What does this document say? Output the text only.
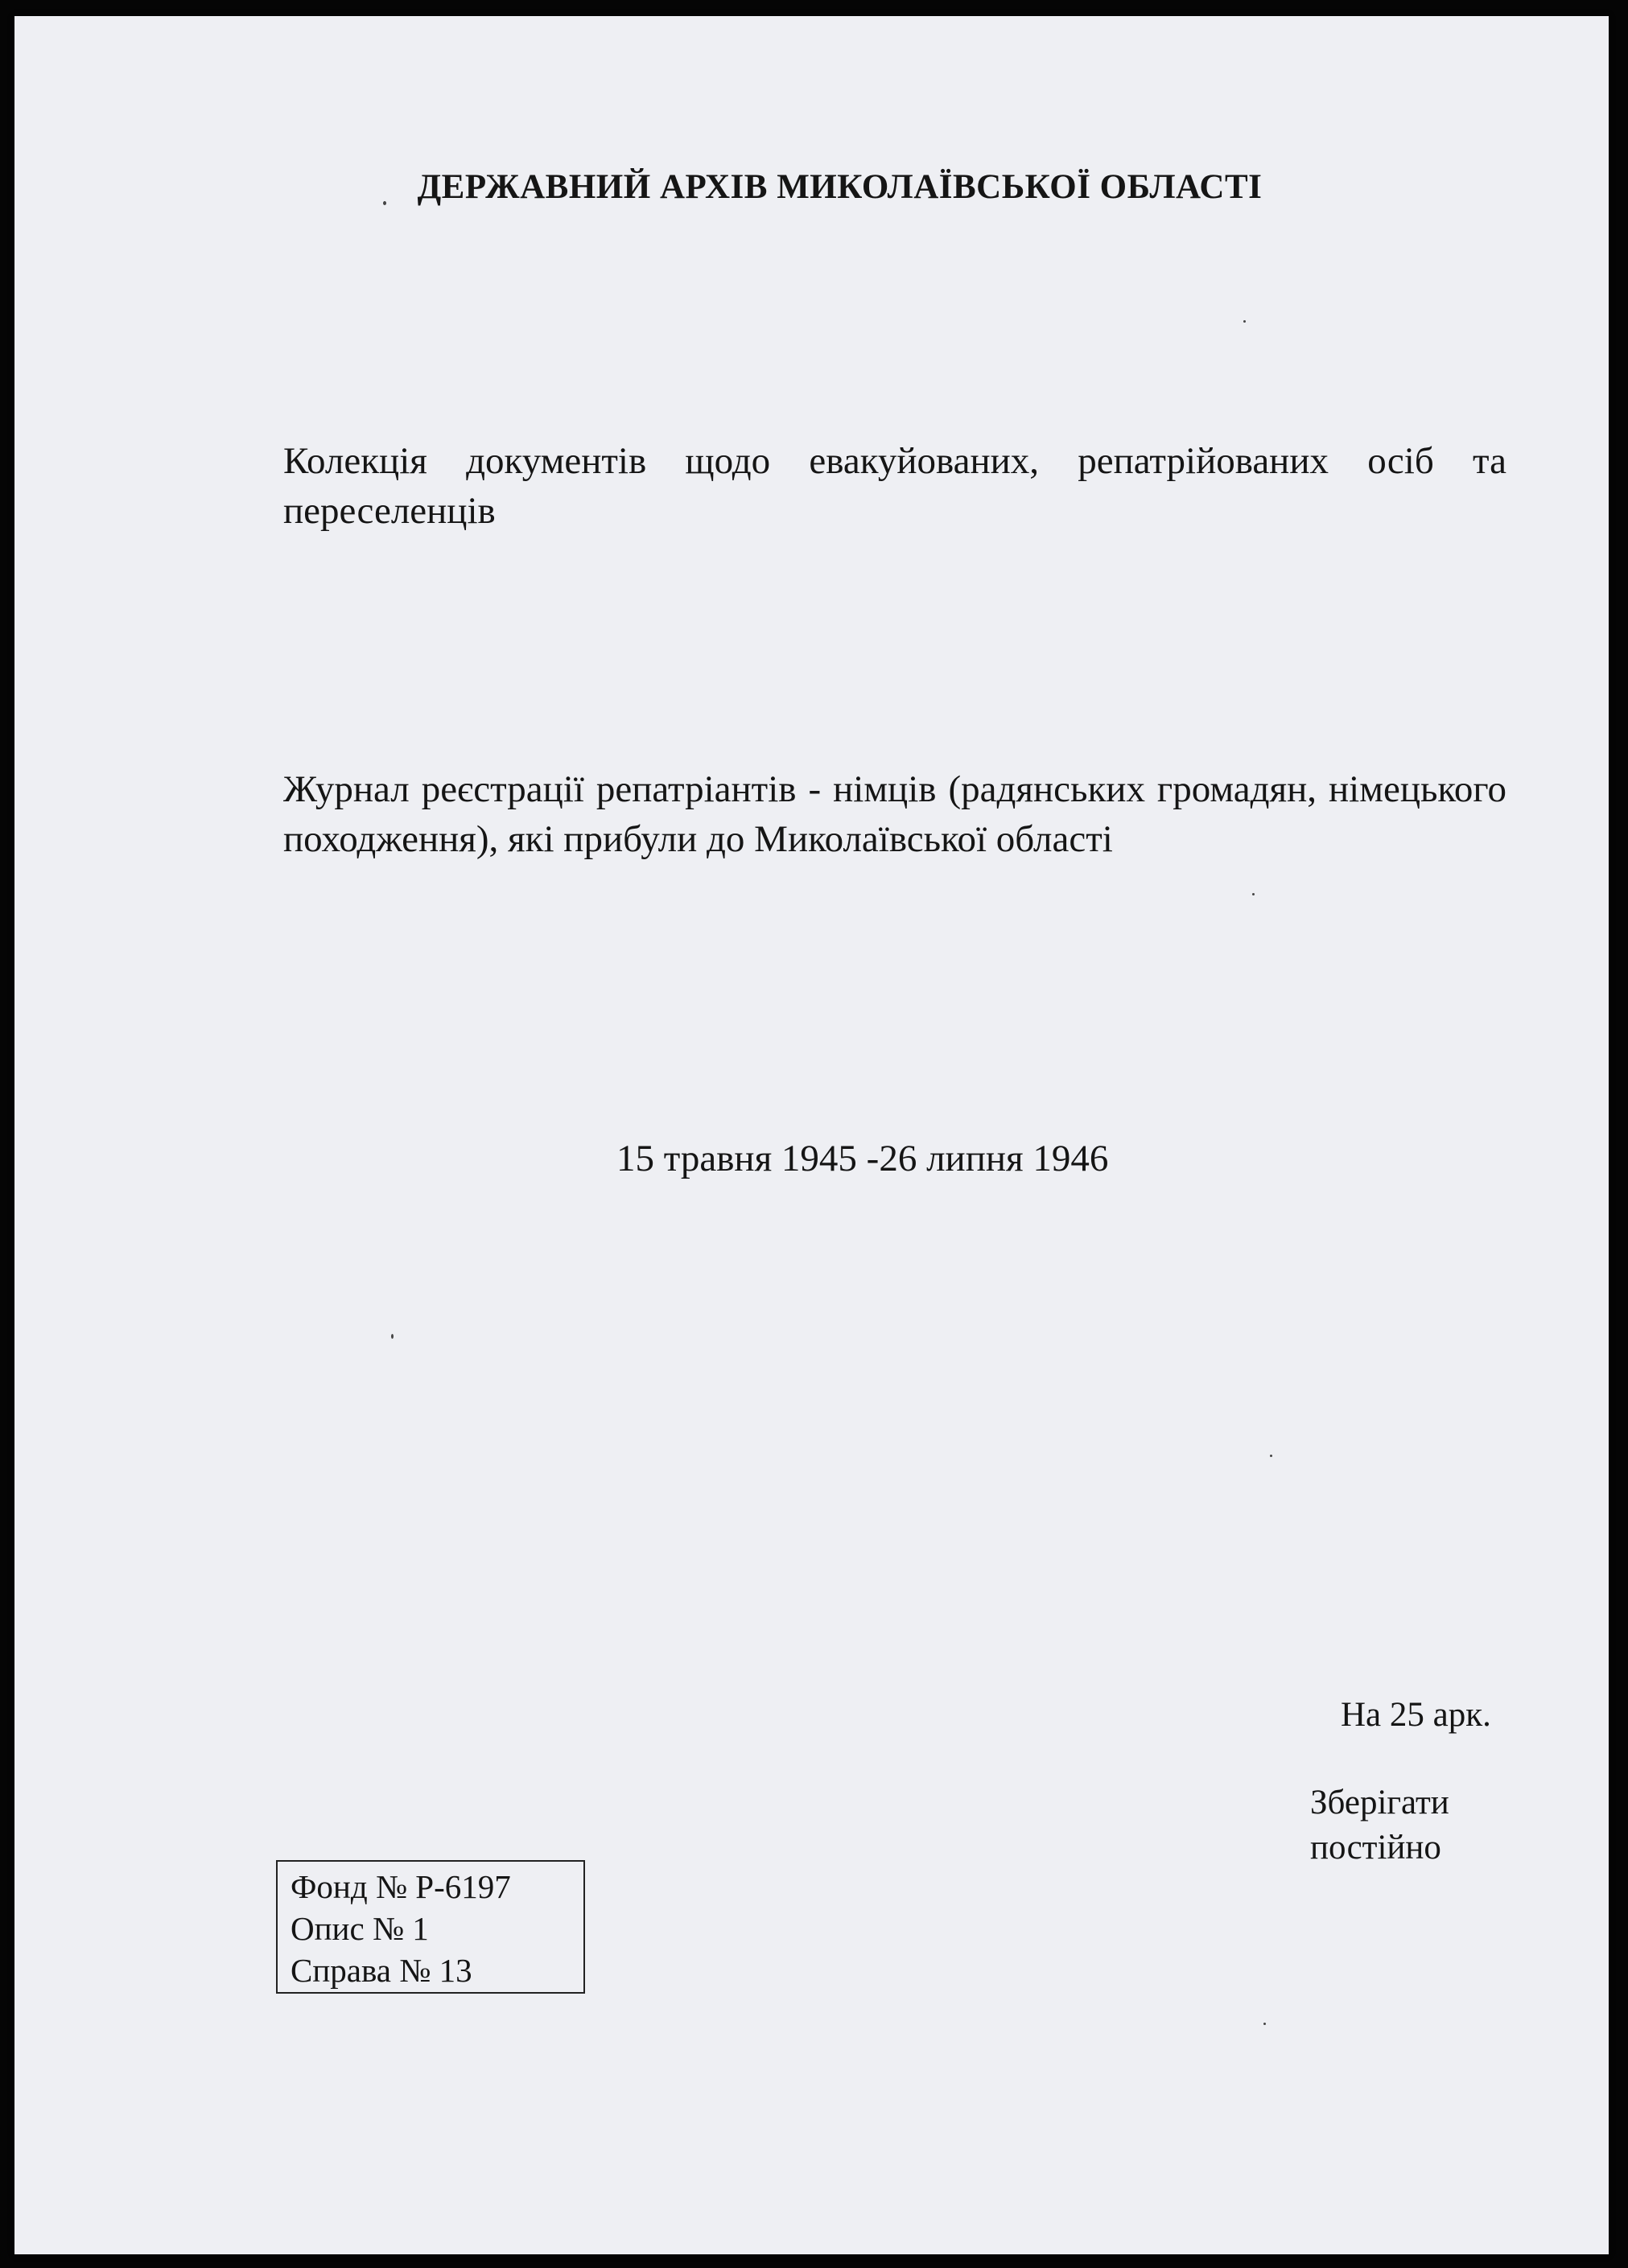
ДЕРЖАВНИЙ АРХІВ МИКОЛАЇВСЬКОЇ ОБЛАСТІ
Колекція документів щодо евакуйованих, репатрійованих осіб та переселенців
Журнал реєстрації репатріантів - німців (радянських громадян, німецького походження), які прибули до Миколаївської області
15 травня 1945 -26 липня 1946
На 25 арк.
Зберігати
постійно
Фонд № Р-6197
Опис № 1
Справа № 13
